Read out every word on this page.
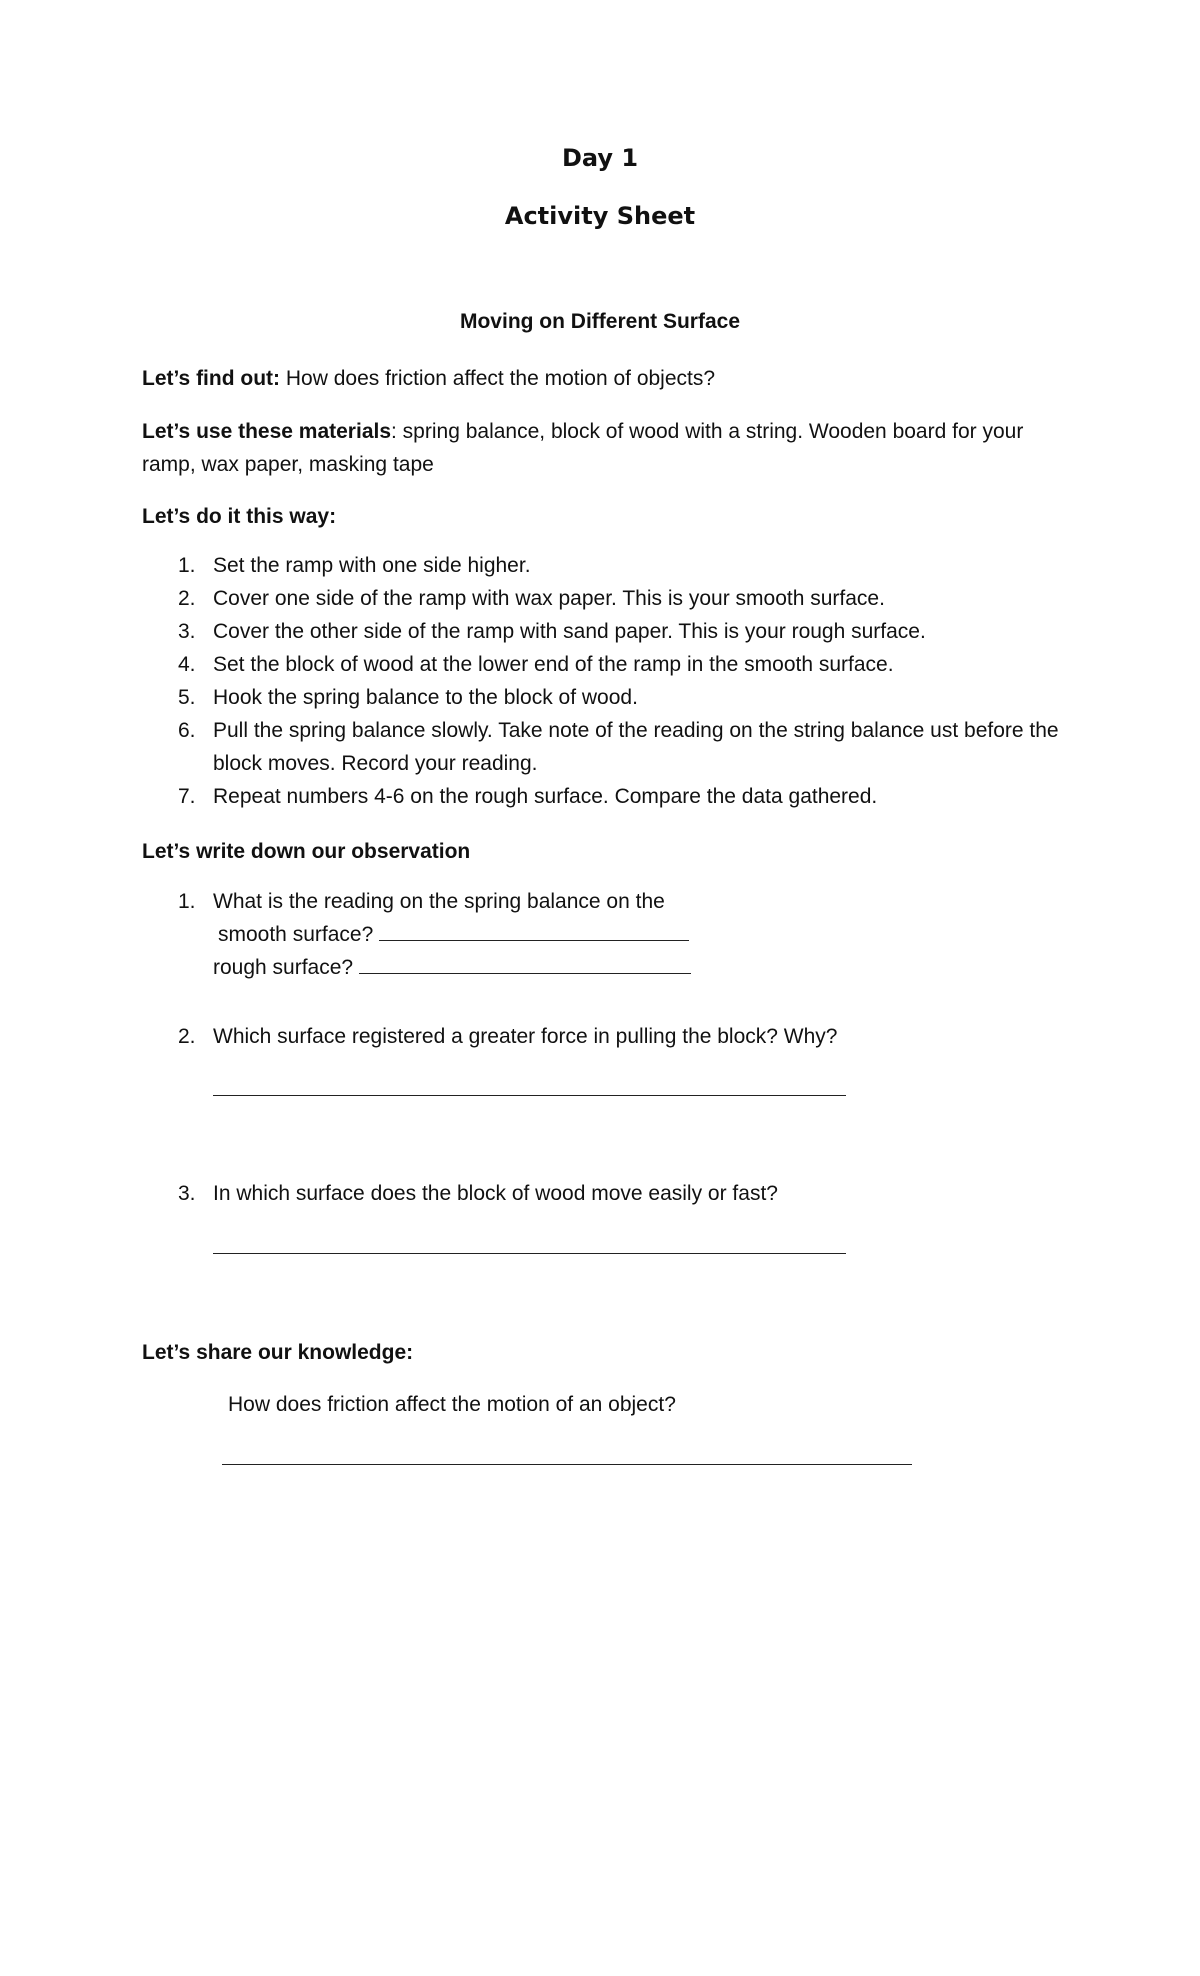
Day 1
Activity Sheet
Moving on Different Surface
Let’s find out: How does friction affect the motion of objects?
Let’s use these materials: spring balance, block of wood with a string. Wooden board for your ramp, wax paper, masking tape
Let’s do it this way:
1. Set the ramp with one side higher.
2. Cover one side of the ramp with wax paper. This is your smooth surface.
3. Cover the other side of the ramp with sand paper. This is your rough surface.
4. Set the block of wood at the lower end of the ramp in the smooth surface.
5. Hook the spring balance to the block of wood.
6. Pull the spring balance slowly. Take note of the reading on the string balance ust before the block moves. Record your reading.
7. Repeat numbers 4-6 on the rough surface. Compare the data gathered.
Let’s write down our observation
1. What is the reading on the spring balance on the
smooth surface?
rough surface?
2. Which surface registered a greater force in pulling the block? Why?
3. In which surface does the block of wood move easily or fast?
Let’s share our knowledge:
How does friction affect the motion of an object?
